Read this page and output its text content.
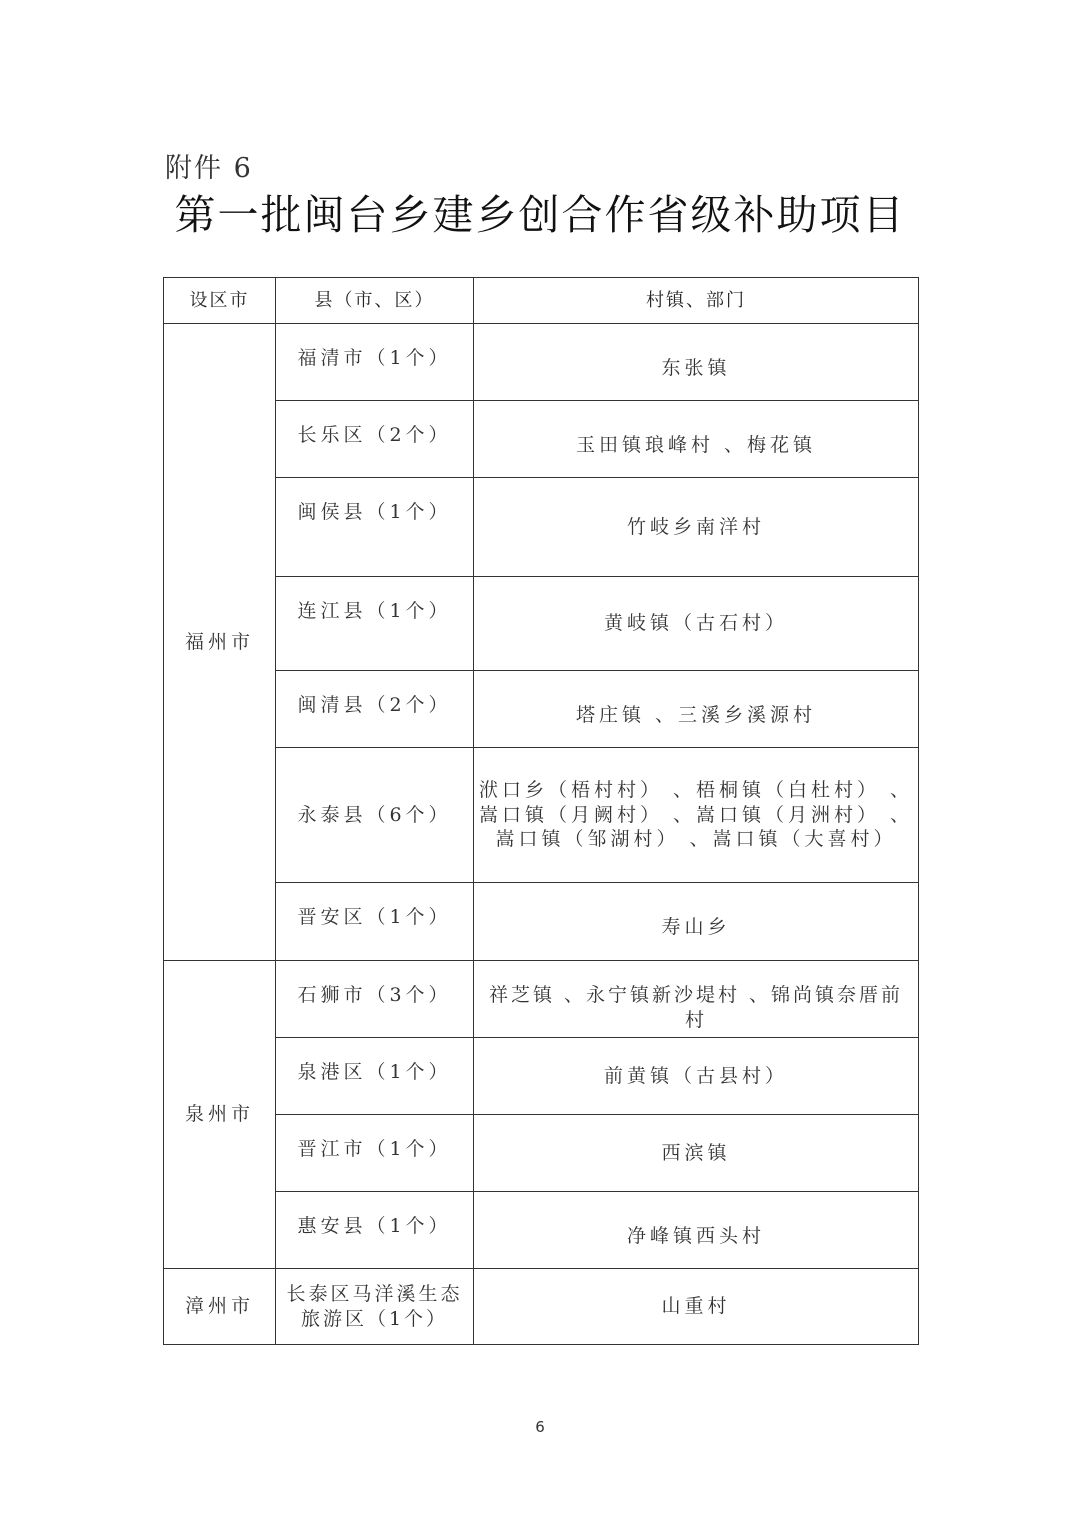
附件 6
第一批闽台乡建乡创合作省级补助项目
设区市	县（市、区）	村镇、部门
福州市	福清市（1个）	东张镇

	长乐区（2个）	玉田镇琅峰村 、梅花镇

	闽侯县（1个）	竹岐乡南洋村
	连江县（1个）	黄岐镇（古石村）
	闽清县（2个）	塔庄镇 、三溪乡溪源村

	永泰县（6个）	洑口乡（梧村村） 、梧桐镇（白杜村） 、嵩口镇（月阙村） 、嵩口镇（月洲村） 、嵩口镇（邹湖村） 、嵩口镇（大喜村）
	晋安区（1个）	寿山乡

泉州市	石狮市（3个）	祥芝镇 、永宁镇新沙堤村 、锦尚镇奈厝前村
	泉港区（1个）	前黄镇（古县村）
	晋江市（1个）	西滨镇
	惠安县（1个）	净峰镇西头村

漳州市	长泰区马洋溪生态旅游区（1个）	山重村
6
